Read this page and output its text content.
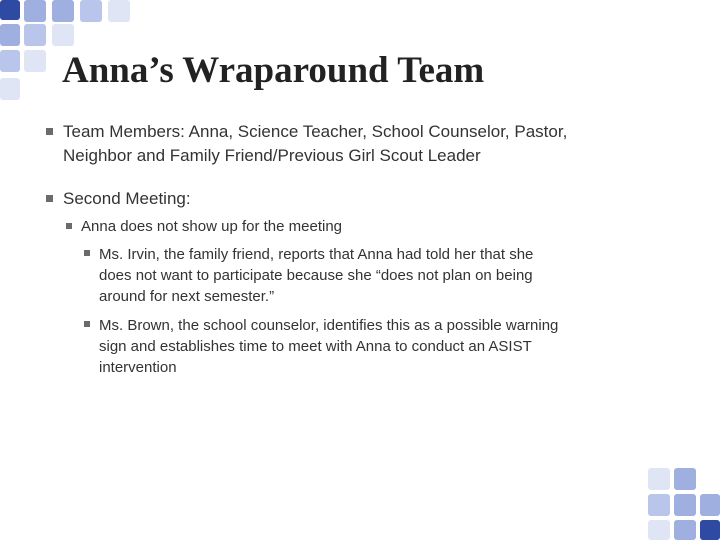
Anna’s Wraparound Team
Team Members: Anna, Science Teacher, School Counselor, Pastor,
Neighbor and Family Friend/Previous Girl Scout Leader
Second Meeting:
Anna does not show up for the meeting
Ms. Irvin, the family friend, reports that Anna had told her that she
does not want to participate because she “does not plan on being
around for next semester.”
Ms. Brown, the school counselor, identifies this as a possible warning
sign and establishes time to meet with Anna to conduct an ASIST
intervention
